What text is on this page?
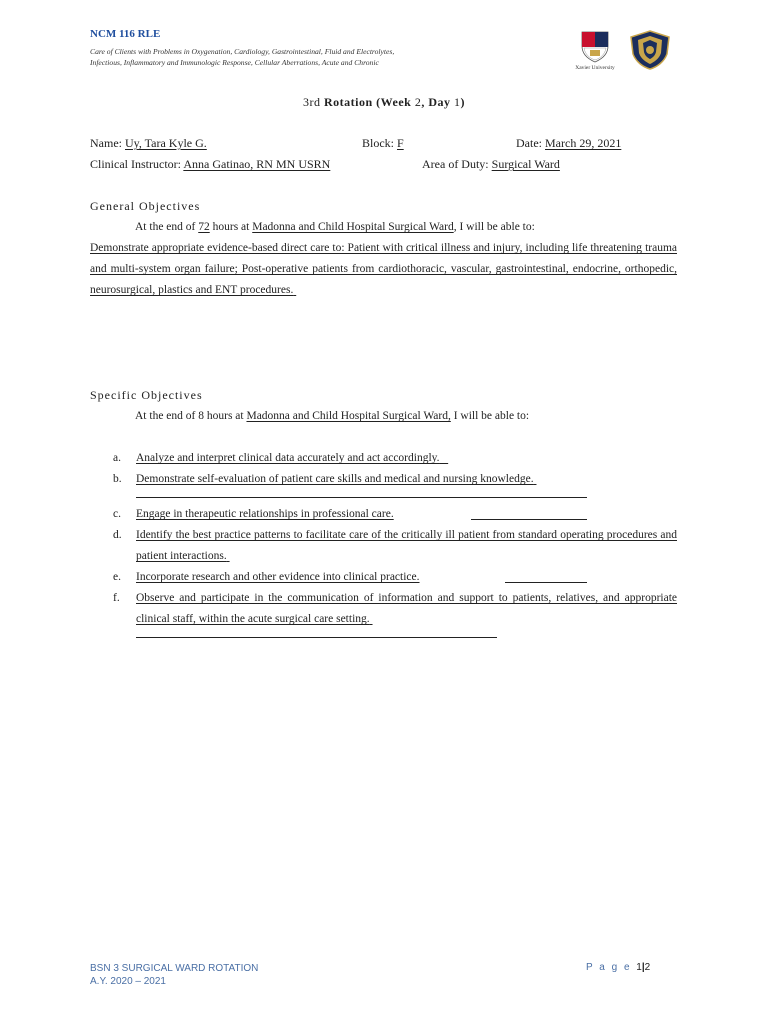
NCM 116 RLE
Care of Clients with Problems in Oxygenation, Cardiology, Gastrointestinal, Fluid and Electrolytes,
Infectious, Inflammatory and Immunologic Response, Cellular Aberrations, Acute and Chronic
Xavier University
3rd Rotation (Week 2, Day 1)
Name: Uy, Tara Kyle G.	Block: F	Date: March 29, 2021
Clinical Instructor: Anna Gatinao, RN MN USRN	Area of Duty: Surgical Ward
General Objectives
At the end of 72 hours at Madonna and Child Hospital Surgical Ward, I will be able to:
Demonstrate appropriate evidence-based direct care to: Patient with critical illness and injury, including life threatening trauma and multi-system organ failure; Post-operative patients from cardiothoracic, vascular, gastrointestinal, endocrine, orthopedic, neurosurgical, plastics and ENT procedures.
Specific Objectives
At the end of 8 hours at Madonna and Child Hospital Surgical Ward, I will be able to:
a.	Analyze and interpret clinical data accurately and act accordingly.
b.	Demonstrate self-evaluation of patient care skills and medical and nursing knowledge.
c.	Engage in therapeutic relationships in professional care.
d.	Identify the best practice patterns to facilitate care of the critically ill patient from standard operating procedures and patient interactions.
e.	Incorporate research and other evidence into clinical practice.
f.	Observe and participate in the communication of information and support to patients, relatives, and appropriate clinical staff, within the acute surgical care setting.
BSN 3 SURGICAL WARD ROTATION
A.Y. 2020 – 2021
P a g e 1|2
